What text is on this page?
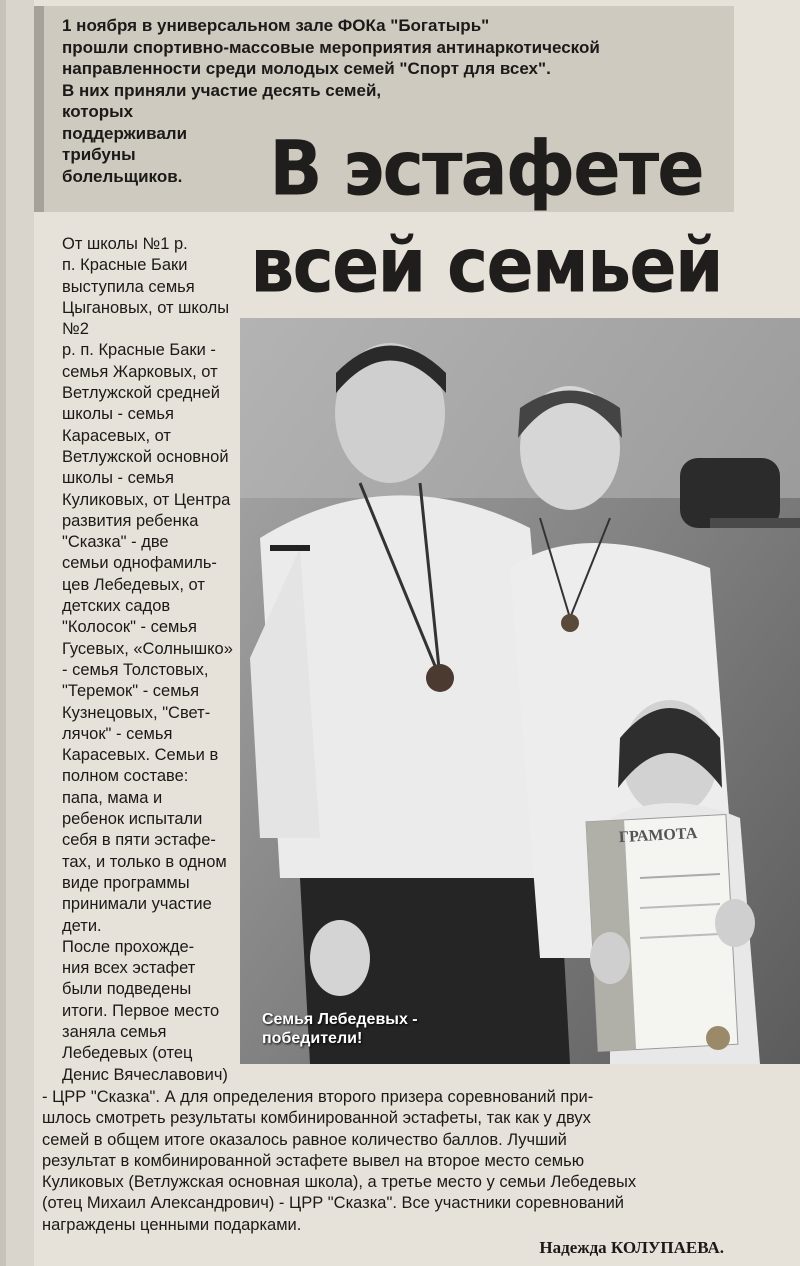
1 ноября в универсальном зале ФОКа "Богатырь"
прошли спортивно-массовые мероприятия антинаркотической
направленности среди молодых семей "Спорт для всех".
В них приняли участие десять семей,
которых
поддерживали
трибуны
болельщиков.	В эстафете
всей семьей

От школы №1 р.
п. Красные Баки
выступила семья
Цыгановых, от школы
№2
р. п. Красные Баки -
семья Жарковых, от
Ветлужской средней
школы - семья
Карасевых, от
Ветлужской основной
школы - семья
Куликовых, от Центра
развития ребенка
"Сказка" - две
семьи однофамиль-
цев Лебедевых, от
детских садов
"Колосок" - семья
Гусевых, «Солнышко»
- семья Толстовых,
"Теремок" - семья
Кузнецовых, "Свет-
лячок" - семья
Карасевых. Семьи в
полном составе:
папа, мама и
ребенок испытали
себя в пяти эстафе-
тах, и только в одном
виде программы
принимали участие
дети.

После прохожде-
ния всех эстафет
были подведены
итоги. Первое место
заняла семья
Лебедевых (отец
Денис Вячеславович)

ГРАМОТА
Семья Лебедевых -
победители!
- ЦРР "Сказка". А для определения второго призера соревнований при-
шлось смотреть результаты комбинированной эстафеты, так как у двух
семей в общем итоге оказалось равное количество баллов. Лучший
результат в комбинированной эстафете вывел на второе место семью
Куликовых (Ветлужская основная школа), а третье место у семьи Лебедевых
(отец Михаил Александрович) - ЦРР "Сказка". Все участники соревнований
награждены ценными подарками.
Надежда КОЛУПАЕВА.
